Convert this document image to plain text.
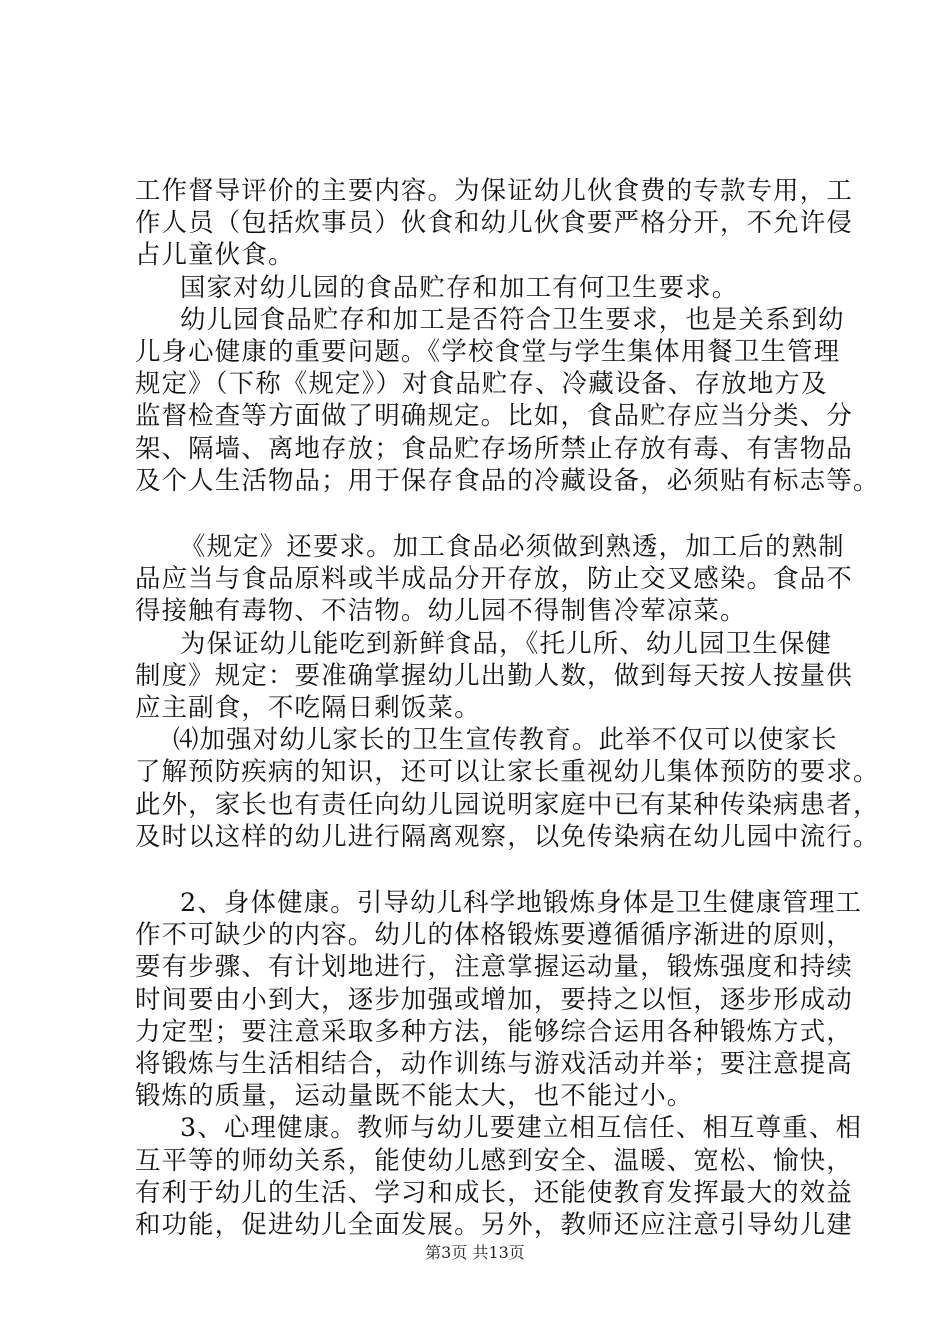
工作督导评价的主要内容。为保证幼儿伙食费的专款专用，工
作人员（包括炊事员）伙食和幼儿伙食要严格分开，不允许侵
占儿童伙食。
国家对幼儿园的食品贮存和加工有何卫生要求。
幼儿园食品贮存和加工是否符合卫生要求，也是关系到幼
儿身心健康的重要问题。《学校食堂与学生集体用餐卫生管理
规定》（下称《规定》）对食品贮存、冷藏设备、存放地方及
监督检查等方面做了明确规定。比如，食品贮存应当分类、分
架、隔墙、离地存放；食品贮存场所禁止存放有毒、有害物品
及个人生活物品；用于保存食品的冷藏设备，必须贴有标志等。
《规定》还要求。加工食品必须做到熟透，加工后的熟制
品应当与食品原料或半成品分开存放，防止交叉感染。食品不
得接触有毒物、不洁物。幼儿园不得制售冷荤凉菜。
为保证幼儿能吃到新鲜食品，《托儿所、幼儿园卫生保健
制度》规定：要准确掌握幼儿出勤人数，做到每天按人按量供
应主副食，不吃隔日剩饭菜。
⑷加强对幼儿家长的卫生宣传教育。此举不仅可以使家长
了解预防疾病的知识，还可以让家长重视幼儿集体预防的要求。
此外，家长也有责任向幼儿园说明家庭中已有某种传染病患者，
及时以这样的幼儿进行隔离观察，以免传染病在幼儿园中流行。
2、身体健康。引导幼儿科学地锻炼身体是卫生健康管理工
作不可缺少的内容。幼儿的体格锻炼要遵循循序渐进的原则，
要有步骤、有计划地进行，注意掌握运动量，锻炼强度和持续
时间要由小到大，逐步加强或增加，要持之以恒，逐步形成动
力定型；要注意采取多种方法，能够综合运用各种锻炼方式，
将锻炼与生活相结合，动作训练与游戏活动并举；要注意提高
锻炼的质量，运动量既不能太大，也不能过小。
3、心理健康。教师与幼儿要建立相互信任、相互尊重、相
互平等的师幼关系，能使幼儿感到安全、温暖、宽松、愉快，
有利于幼儿的生活、学习和成长，还能使教育发挥最大的效益
和功能，促进幼儿全面发展。另外，教师还应注意引导幼儿建
第3页 共13页
